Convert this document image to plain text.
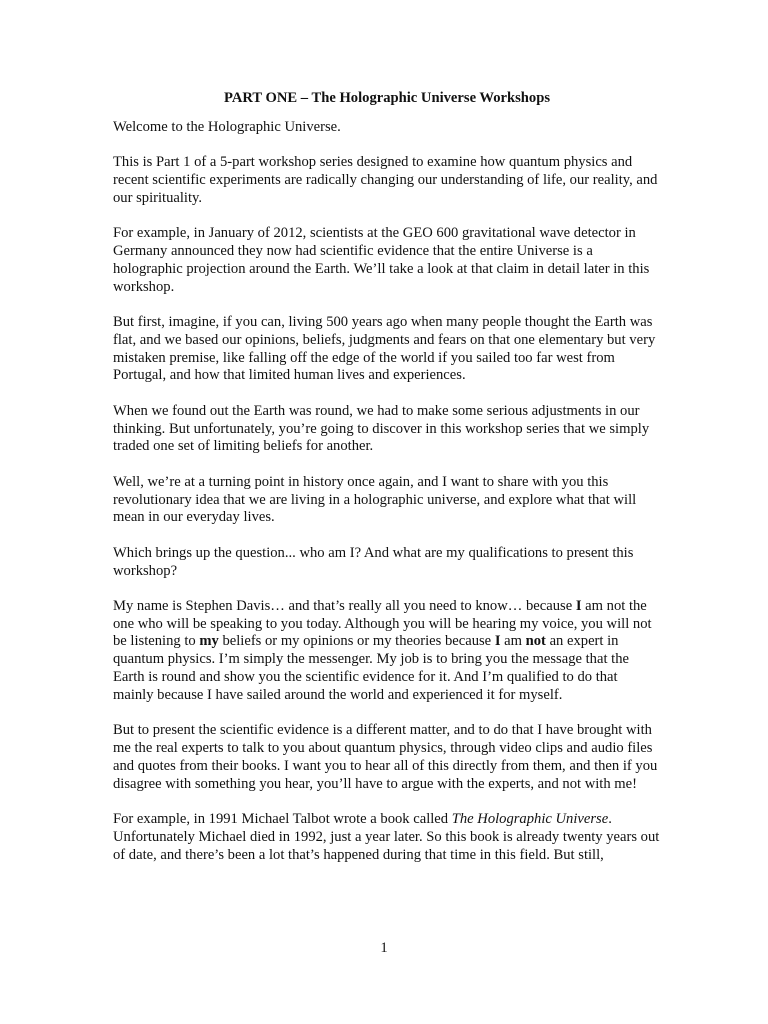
PART ONE – The Holographic Universe Workshops

Welcome to the Holographic Universe.

This is Part 1 of a 5-part workshop series designed to examine how quantum physics and recent scientific experiments are radically changing our understanding of life, our reality, and our spirituality.

For example, in January of 2012, scientists at the GEO 600 gravitational wave detector in Germany announced they now had scientific evidence that the entire Universe is a holographic projection around the Earth. We’ll take a look at that claim in detail later in this workshop.

But first, imagine, if you can, living 500 years ago when many people thought the Earth was flat, and we based our opinions, beliefs, judgments and fears on that one elementary but very mistaken premise, like falling off the edge of the world if you sailed too far west from Portugal, and how that limited human lives and experiences.

When we found out the Earth was round, we had to make some serious adjustments in our thinking. But unfortunately, you’re going to discover in this workshop series that we simply traded one set of limiting beliefs for another.

Well, we’re at a turning point in history once again, and I want to share with you this revolutionary idea that we are living in a holographic universe, and explore what that will mean in our everyday lives.

Which brings up the question... who am I? And what are my qualifications to present this workshop?

My name is Stephen Davis… and that’s really all you need to know… because I am not the one who will be speaking to you today. Although you will be hearing my voice, you will not be listening to my beliefs or my opinions or my theories because I am not an expert in quantum physics. I’m simply the messenger. My job is to bring you the message that the Earth is round and show you the scientific evidence for it. And I’m qualified to do that mainly because I have sailed around the world and experienced it for myself.

But to present the scientific evidence is a different matter, and to do that I have brought with me the real experts to talk to you about quantum physics, through video clips and audio files and quotes from their books. I want you to hear all of this directly from them, and then if you disagree with something you hear, you’ll have to argue with the experts, and not with me!

For example, in 1991 Michael Talbot wrote a book called The Holographic Universe. Unfortunately Michael died in 1992, just a year later. So this book is already twenty years out of date, and there’s been a lot that’s happened during that time in this field. But still,

1
